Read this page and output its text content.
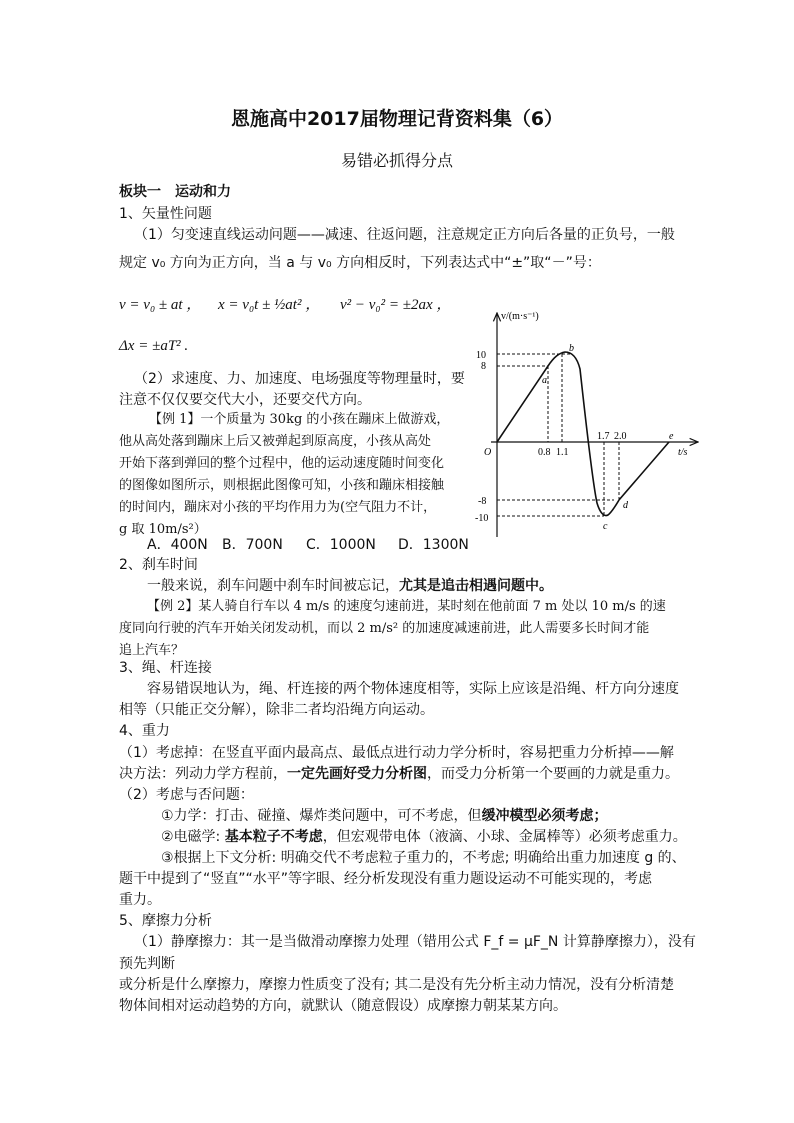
恩施高中2017届物理记背资料集（6）
易错必抓得分点
板块一　运动和力
1、矢量性问题
（1）匀变速直线运动问题——减速、往返问题，注意规定正方向后各量的正负号，一般
规定 v₀ 方向为正方向，当 a 与 v₀ 方向相反时，下列表达式中“±”取“－”号：
v = v₀ ± at ， x = v₀t ± ½at² ， v² − v₀² = ±2ax ，
Δx = ±aT² .
（2）求速度、力、加速度、电场强度等物理量时，要
注意不仅仅要交代大小，还要交代方向。
【例 1】一个质量为 30kg 的小孩在蹦床上做游戏，
他从高处落到蹦床上后又被弹起到原高度，小孩从高处
开始下落到弹回的整个过程中，他的运动速度随时间变化
的图像如图所示，则根据此图像可知，小孩和蹦床相接触
的时间内，蹦床对小孩的平均作用力为(空气阻力不计，
g 取 10m/s²）
A．400N B．700N C．1000N D．1300N
v/(m·s⁻¹)
t/s
O
10
8
-8
-10
0.8 1.1
1.7 2.0
a
b
c
d
e
2、刹车时间
一般来说，刹车问题中刹车时间被忘记，尤其是追击相遇问题中。
【例 2】某人骑自行车以 4 m/s 的速度匀速前进，某时刻在他前面 7 m 处以 10 m/s 的速
度同向行驶的汽车开始关闭发动机，而以 2 m/s² 的加速度减速前进，此人需要多长时间才能
追上汽车？
3、绳、杆连接
容易错误地认为，绳、杆连接的两个物体速度相等，实际上应该是沿绳、杆方向分速度
相等（只能正交分解），除非二者均沿绳方向运动。
4、重力
（1）考虑掉：在竖直平面内最高点、最低点进行动力学分析时，容易把重力分析掉——解
决方法：列动力学方程前，一定先画好受力分析图，而受力分析第一个要画的力就是重力。
（2）考虑与否问题：
①力学：打击、碰撞、爆炸类问题中，可不考虑，但缓冲模型必须考虑；
②电磁学: 基本粒子不考虑，但宏观带电体（液滴、小球、金属棒等）必须考虑重力。
③根据上下文分析: 明确交代不考虑粒子重力的，不考虑; 明确给出重力加速度 g 的、
题干中提到了“竖直”“水平”等字眼、经分析发现没有重力题设运动不可能实现的，考虑
重力。
5、摩擦力分析
（1）静摩擦力：其一是当做滑动摩擦力处理（错用公式 F_f = μF_N 计算静摩擦力），没有
预先判断
或分析是什么摩擦力，摩擦力性质变了没有; 其二是没有先分析主动力情况，没有分析清楚
物体间相对运动趋势的方向，就默认（随意假设）成摩擦力朝某某方向。
